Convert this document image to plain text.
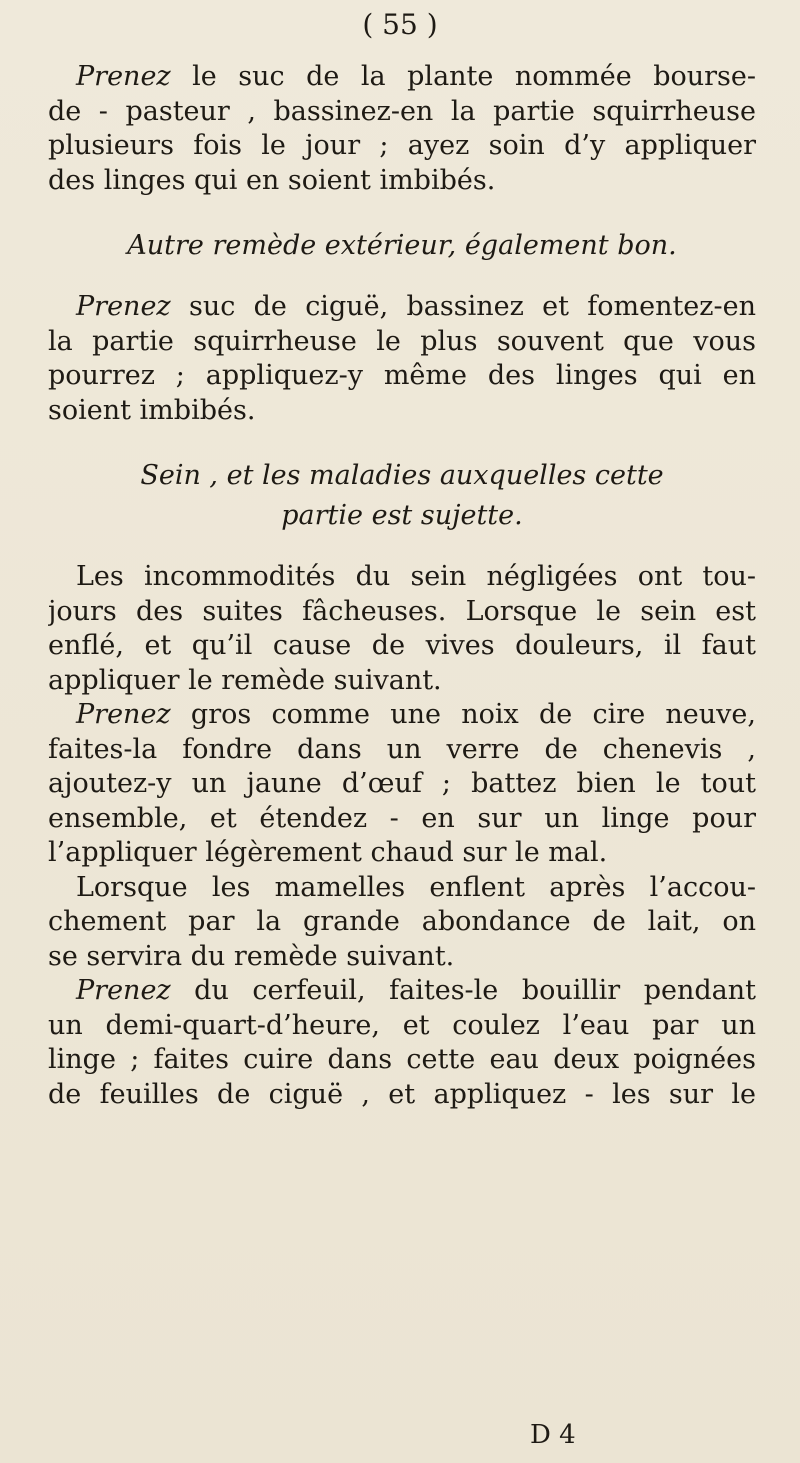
( 55 )
Prenez le suc de la plante nommée bourse-
de - pasteur , bassinez-en la partie squirrheuse
plusieurs fois le jour ; ayez soin d’y appliquer
des linges qui en soient imbibés.
Autre remède extérieur, également bon.
Prenez suc de ciguë, bassinez et fomentez-en
la partie squirrheuse le plus souvent que vous
pourrez ; appliquez-y même des linges qui en
soient imbibés.
Sein , et les maladies auxquelles cette
partie est sujette.
Les incommodités du sein négligées ont tou-
jours des suites fâcheuses. Lorsque le sein est
enflé, et qu’il cause de vives douleurs, il faut
appliquer le remède suivant.
Prenez gros comme une noix de cire neuve,
faites-la fondre dans un verre de chenevis ,
ajoutez-y un jaune d’œuf ; battez bien le tout
ensemble, et étendez - en sur un linge pour
l’appliquer légèrement chaud sur le mal.
Lorsque les mamelles enflent après l’accou-
chement par la grande abondance de lait, on
se servira du remède suivant.
Prenez du cerfeuil, faites-le bouillir pendant
un demi-quart-d’heure, et coulez l’eau par un
linge ; faites cuire dans cette eau deux poignées
de feuilles de ciguë , et appliquez - les sur le
D 4
